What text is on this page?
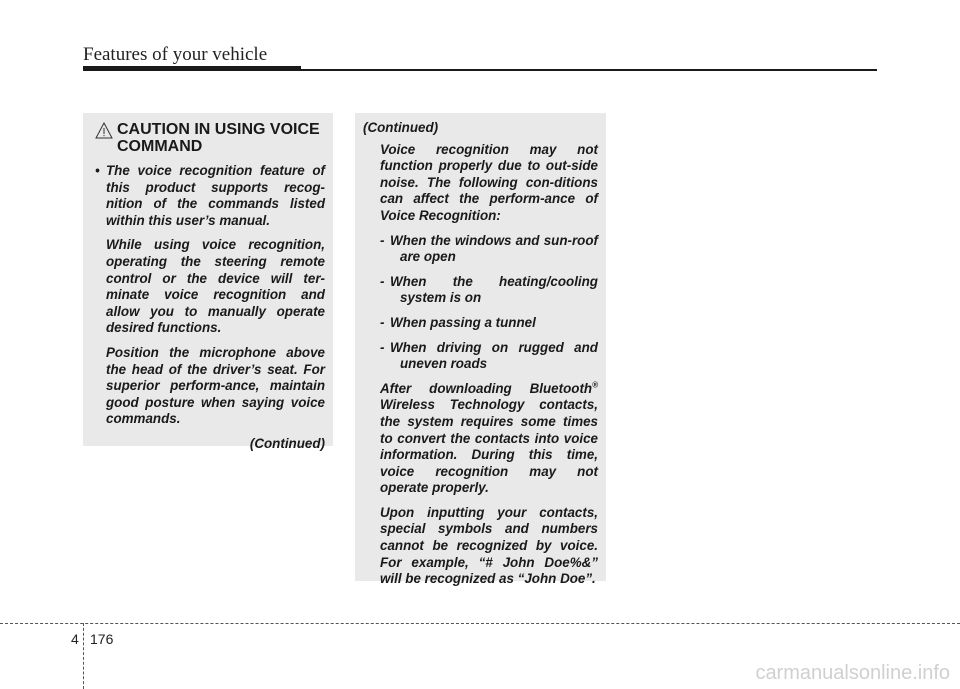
Features of your vehicle
CAUTION IN USING VOICE COMMAND

• The voice recognition feature of this product supports recog-nition of the commands listed within this user’s manual.

While using voice recognition, operating the steering remote control or the device will ter-minate voice recognition and allow you to manually operate desired functions.

Position the microphone above the head of the driver’s seat. For superior perform-ance, maintain good posture when saying voice commands.

(Continued)

(Continued)

Voice recognition may not function properly due to out-side noise. The following con-ditions can affect the perform-ance of Voice Recognition:

- When the windows and sun-roof are open

- When the heating/cooling system is on

- When passing a tunnel

- When driving on rugged and uneven roads

After downloading Bluetooth® Wireless Technology contacts, the system requires some times to convert the contacts into voice information. During this time, voice recognition may not operate properly.

Upon inputting your contacts, special symbols and numbers cannot be recognized by voice. For example, “# John Doe%&” will be recognized as “John Doe”.

4 176
carmanualsonline.info
